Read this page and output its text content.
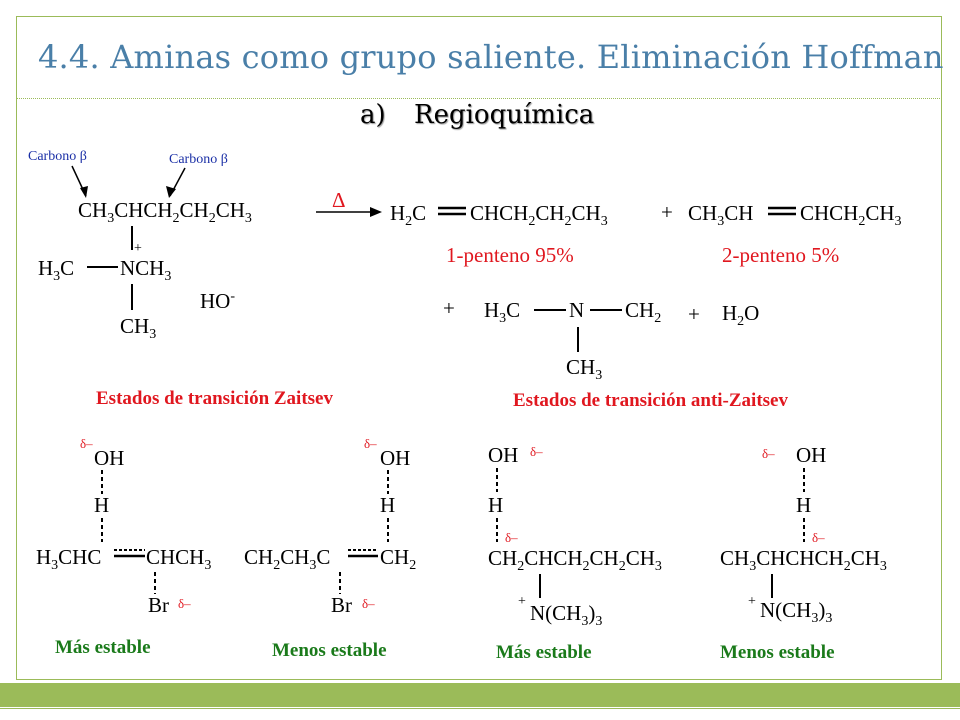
4.4. Aminas como grupo saliente. Eliminación Hoffman
a) Regioquímica
Carbono β	Carbono β
$CH_3CHCH_2CH_2CH_3$
+
$H_3C$ $NCH_3$
$CH_3$
HO-
Δ
$H_2C$ $CHCH_2CH_2CH_3$	+ $CH_3CH$ $CHCH_2CH_3$
1-penteno 95%	2-penteno 5%
+ $H_3C$ N $CH_2 + H_2O$
$CH_3$
Estados de transición Zaitsev	Estados de transición anti-Zaitsev
δ–
OH
H
$H_3CHC$ $CHCH_3$
Br δ–
Más estable
δ–
OH
H
$CH_2CH_3C$ $CH_2$
Br δ–
Menos estable
OH δ–
H
δ–
$CH_2CHCH_2CH_2CH_3$
+ $N(CH_3)_3$
Más estable
δ– OH
H
δ–
$CH_3CHCHCH_2CH_3$
+ $N(CH_3)_3$
Menos estable
